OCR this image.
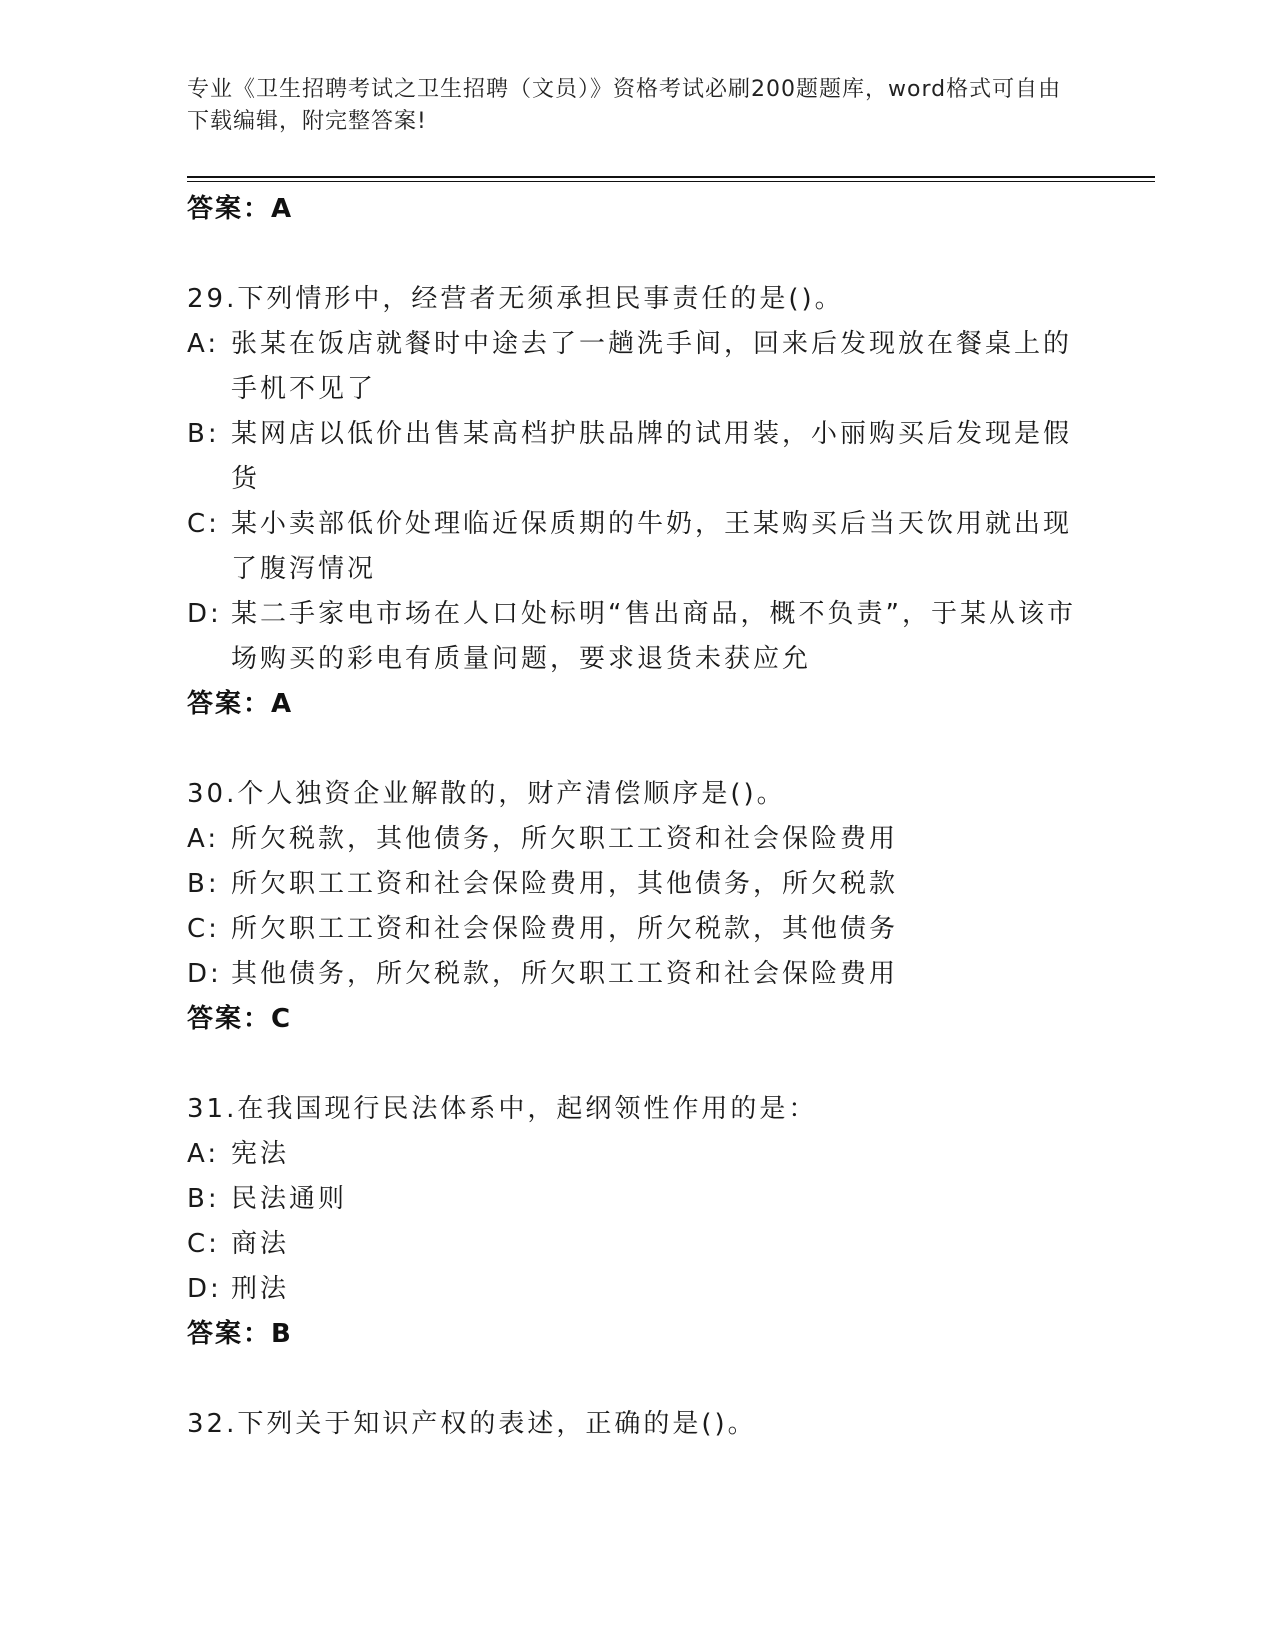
专业《卫生招聘考试之卫生招聘（文员）》资格考试必刷200题题库，word格式可自由下载编辑，附完整答案!
答案：A
29.下列情形中，经营者无须承担民事责任的是()。
A: 张某在饭店就餐时中途去了一趟洗手间，回来后发现放在餐桌上的手机不见了
B: 某网店以低价出售某高档护肤品牌的试用装，小丽购买后发现是假货
C: 某小卖部低价处理临近保质期的牛奶，王某购买后当天饮用就出现了腹泻情况
D: 某二手家电市场在人口处标明“售出商品，概不负责”，于某从该市场购买的彩电有质量问题，要求退货未获应允
答案：A
30.个人独资企业解散的，财产清偿顺序是()。
A: 所欠税款，其他债务，所欠职工工资和社会保险费用
B: 所欠职工工资和社会保险费用，其他债务，所欠税款
C: 所欠职工工资和社会保险费用，所欠税款，其他债务
D: 其他债务，所欠税款，所欠职工工资和社会保险费用
答案：C
31.在我国现行民法体系中，起纲领性作用的是：
A: 宪法
B: 民法通则
C: 商法
D: 刑法
答案：B
32.下列关于知识产权的表述，正确的是()。
